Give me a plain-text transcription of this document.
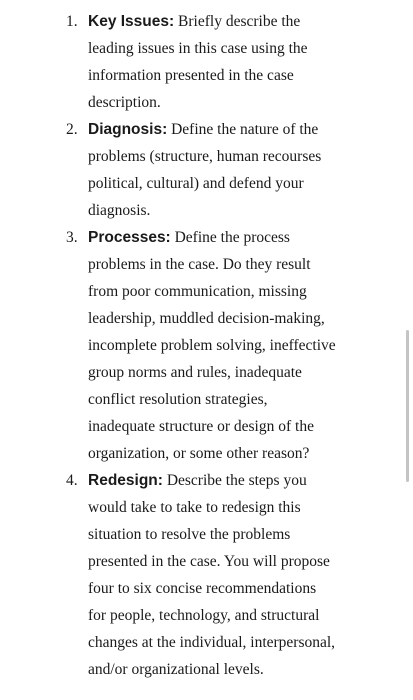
1. Key Issues: Briefly describe the
leading issues in this case using the
information presented in the case
description.
2. Diagnosis: Define the nature of the
problems (structure, human recourses
political, cultural) and defend your
diagnosis.
3. Processes: Define the process
problems in the case. Do they result
from poor communication, missing
leadership, muddled decision-making,
incomplete problem solving, ineffective
group norms and rules, inadequate
conflict resolution strategies,
inadequate structure or design of the
organization, or some other reason?
4. Redesign: Describe the steps you
would take to take to redesign this
situation to resolve the problems
presented in the case. You will propose
four to six concise recommendations
for people, technology, and structural
changes at the individual, interpersonal,
and/or organizational levels.
